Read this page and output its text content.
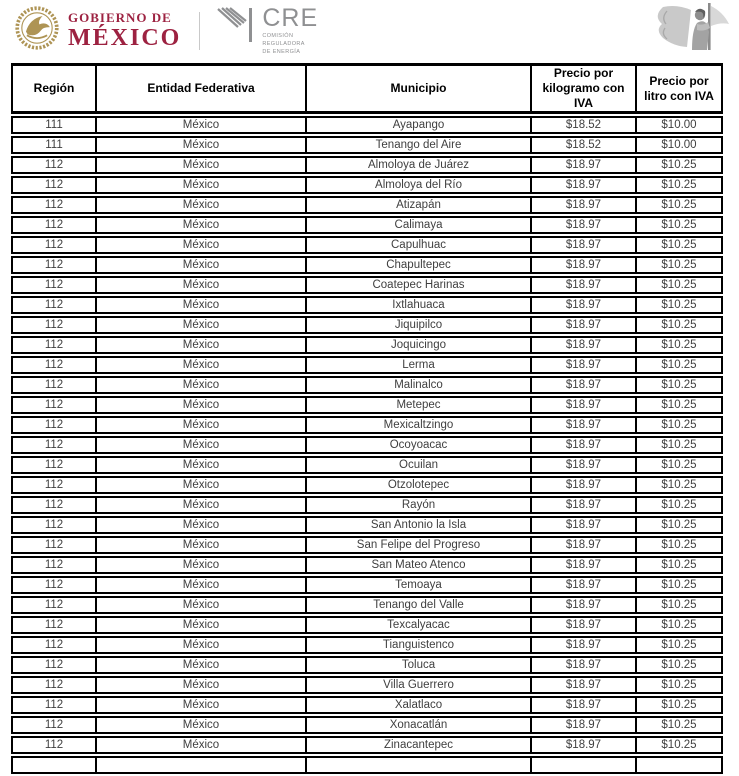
GOBIERNO DE
MÉXICO
CRE
COMISIÓN
REGULADORA
DE ENERGÍA
Región	Entidad Federativa	Municipio	Precio por kilogramo con IVA	Precio por litro con IVA
111	México	Ayapango	$18.52	$10.00
111	México	Tenango del Aire	$18.52	$10.00
112	México	Almoloya de Juárez	$18.97	$10.25
112	México	Almoloya del Río	$18.97	$10.25
112	México	Atizapán	$18.97	$10.25
112	México	Calimaya	$18.97	$10.25
112	México	Capulhuac	$18.97	$10.25
112	México	Chapultepec	$18.97	$10.25
112	México	Coatepec Harinas	$18.97	$10.25
112	México	Ixtlahuaca	$18.97	$10.25
112	México	Jiquipilco	$18.97	$10.25
112	México	Joquicingo	$18.97	$10.25
112	México	Lerma	$18.97	$10.25
112	México	Malinalco	$18.97	$10.25
112	México	Metepec	$18.97	$10.25
112	México	Mexicaltzingo	$18.97	$10.25
112	México	Ocoyoacac	$18.97	$10.25
112	México	Ocuilan	$18.97	$10.25
112	México	Otzolotepec	$18.97	$10.25
112	México	Rayón	$18.97	$10.25
112	México	San Antonio la Isla	$18.97	$10.25
112	México	San Felipe del Progreso	$18.97	$10.25
112	México	San Mateo Atenco	$18.97	$10.25
112	México	Temoaya	$18.97	$10.25
112	México	Tenango del Valle	$18.97	$10.25
112	México	Texcalyacac	$18.97	$10.25
112	México	Tianguistenco	$18.97	$10.25
112	México	Toluca	$18.97	$10.25
112	México	Villa Guerrero	$18.97	$10.25
112	México	Xalatlaco	$18.97	$10.25
112	México	Xonacatlán	$18.97	$10.25
112	México	Zinacantepec	$18.97	$10.25
